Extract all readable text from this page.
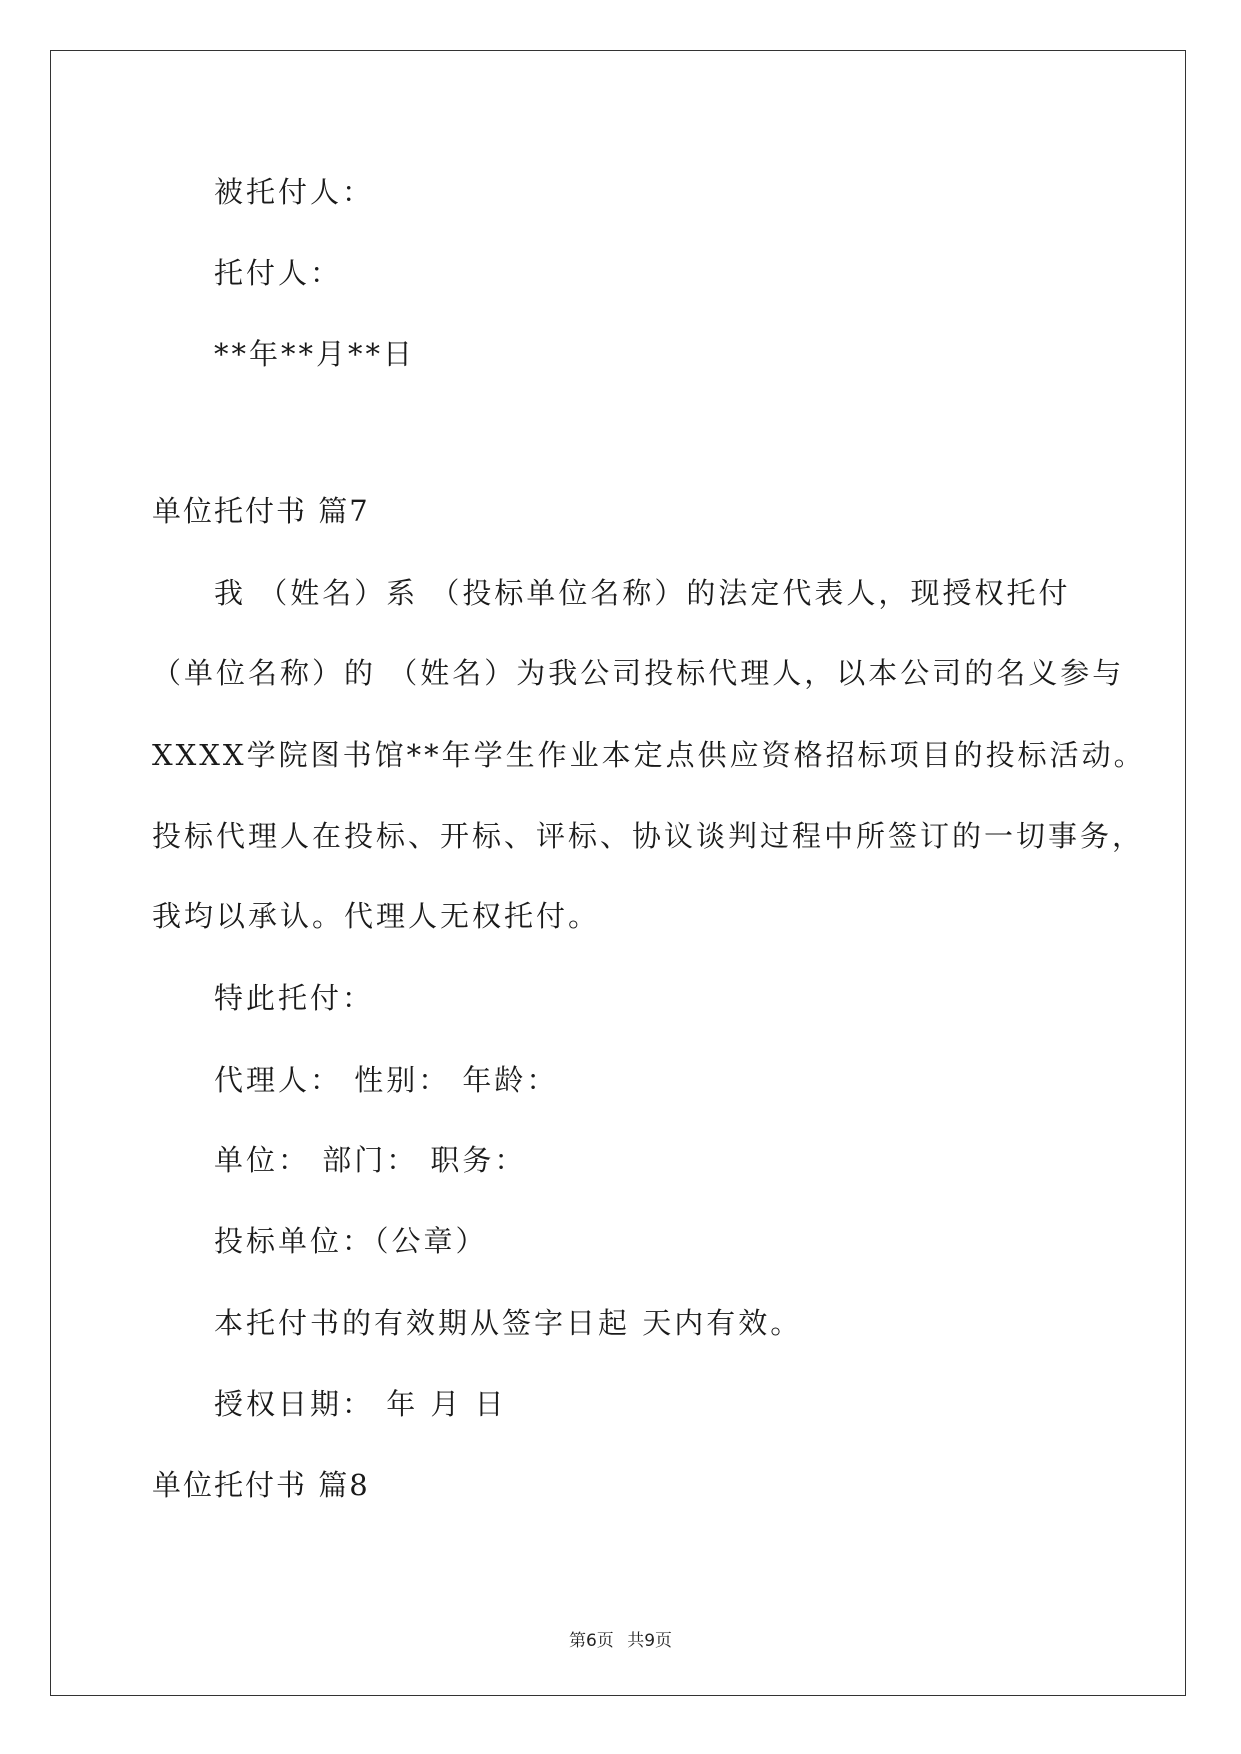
被托付人：

托付人：

**年**月**日

单位托付书 篇7

我 （姓名）系 （投标单位名称）的法定代表人，现授权托付

（单位名称）的 （姓名）为我公司投标代理人，以本公司的名义参与

XXXX学院图书馆**年学生作业本定点供应资格招标项目的投标活动。

投标代理人在投标、开标、评标、协议谈判过程中所签订的一切事务，

我均以承认。代理人无权托付。

特此托付：

代理人： 性别： 年龄：

单位： 部门： 职务：

投标单位：（公章）

本托付书的有效期从签字日起 天内有效。

授权日期： 年 月 日

单位托付书 篇8

第6页 共9页
